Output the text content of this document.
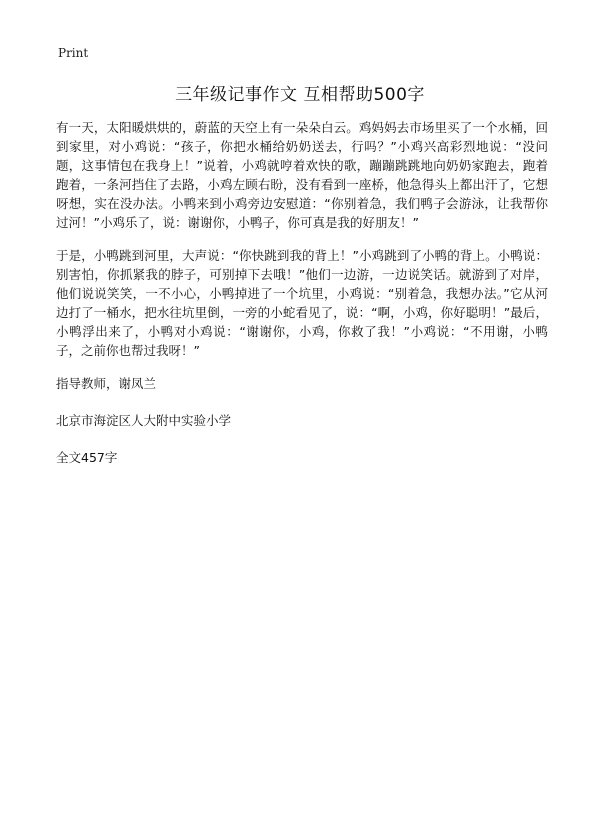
Print
三年级记事作文 互相帮助500字

有一天，太阳暖烘烘的，蔚蓝的天空上有一朵朵白云。鸡妈妈去市场里买了一个水桶，回到家里，对小鸡说：“孩子，你把水桶给奶奶送去，行吗？”小鸡兴高彩烈地说：“没问题，这事情包在我身上！”说着，小鸡就哼着欢快的歌，蹦蹦跳跳地向奶奶家跑去，跑着跑着，一条河挡住了去路，小鸡左顾右盼，没有看到一座桥，他急得头上都出汗了，它想呀想，实在没办法。小鸭来到小鸡旁边安慰道：“你别着急，我们鸭子会游泳，让我帮你过河！”小鸡乐了，说：谢谢你，小鸭子，你可真是我的好朋友！”

于是，小鸭跳到河里，大声说：“你快跳到我的背上！”小鸡跳到了小鸭的背上。小鸭说：别害怕，你抓紧我的脖子，可别掉下去哦！”他们一边游，一边说笑话。就游到了对岸，他们说说笑笑，一不小心，小鸭掉进了一个坑里，小鸡说：“别着急，我想办法。”它从河边打了一桶水，把水往坑里倒，一旁的小蛇看见了，说：“啊，小鸡，你好聪明！”最后，小鸭浮出来了，小鸭对小鸡说：“谢谢你，小鸡，你救了我！”小鸡说：“不用谢，小鸭子，之前你也帮过我呀！”

指导教师，谢凤兰

北京市海淀区人大附中实验小学

全文457字
